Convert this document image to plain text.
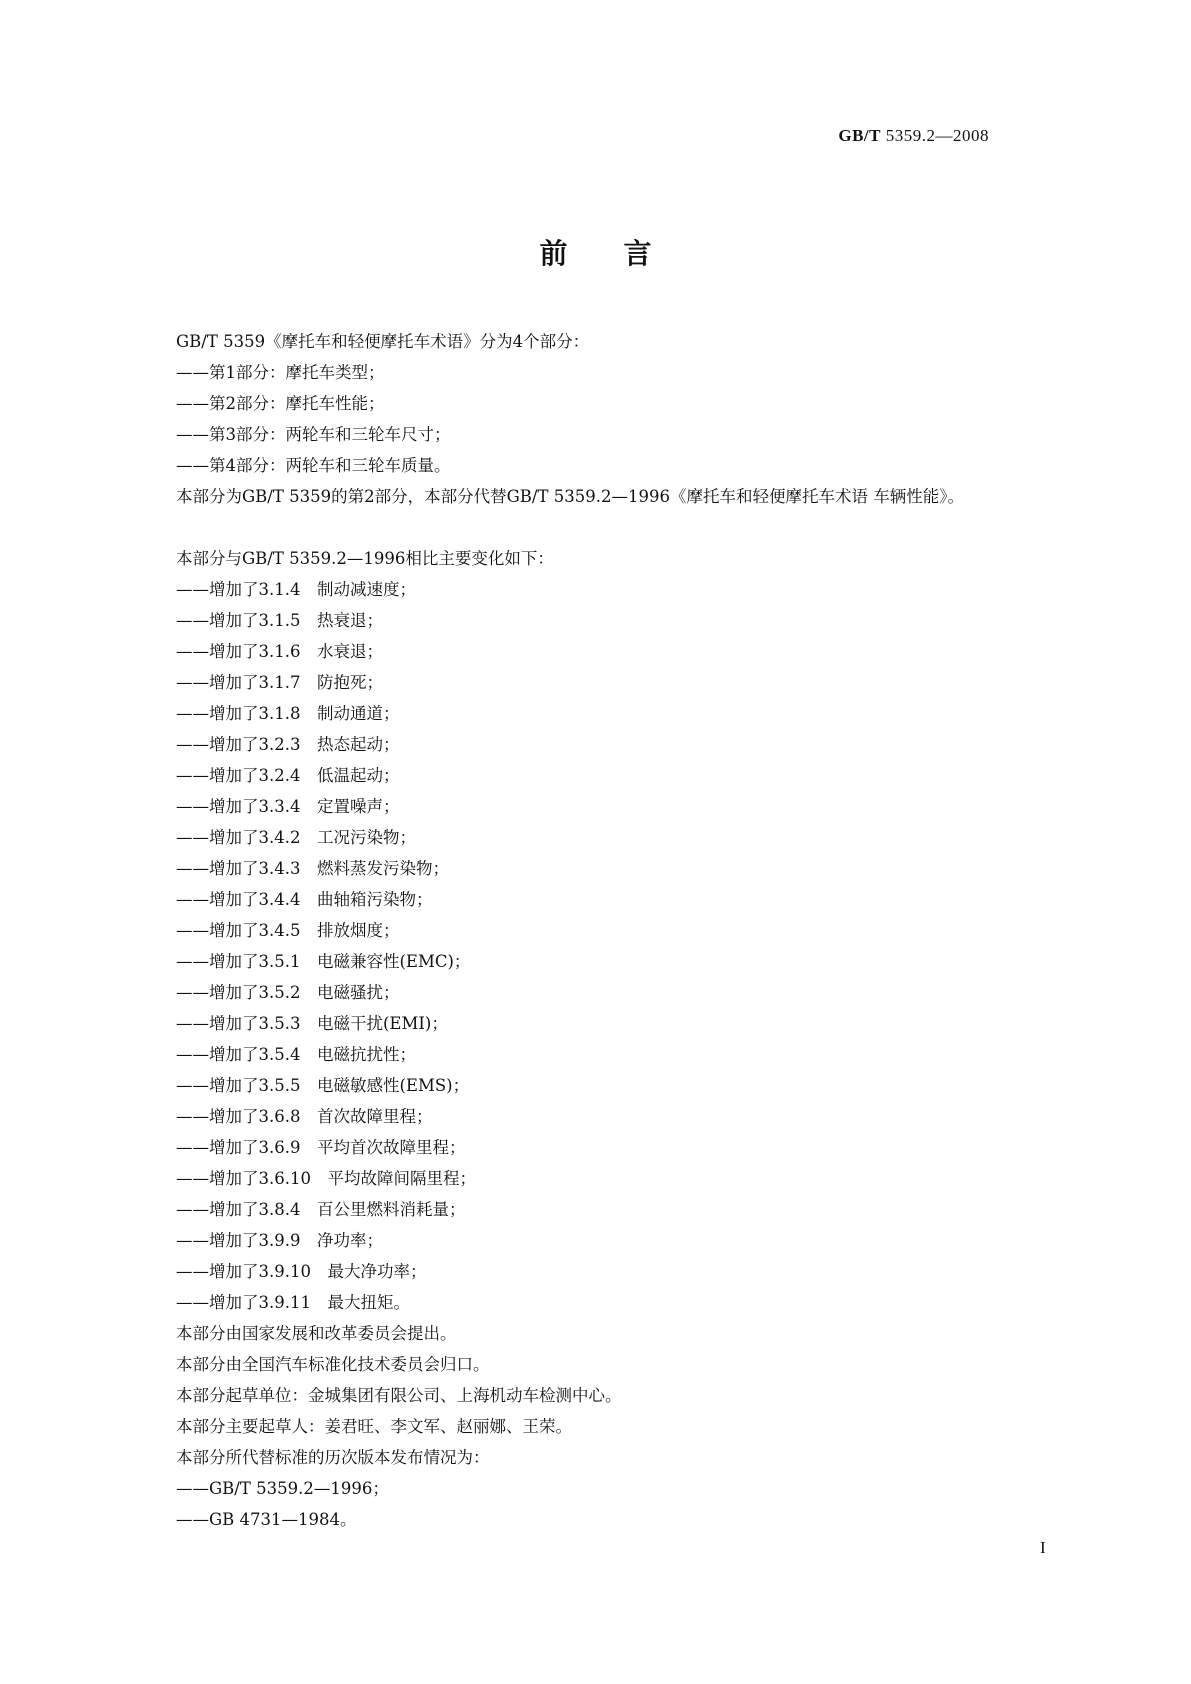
GB/T 5359.2—2008
前言
GB/T 5359《摩托车和轻便摩托车术语》分为4个部分：
——第1部分：摩托车类型；
——第2部分：摩托车性能；
——第3部分：两轮车和三轮车尺寸；
——第4部分：两轮车和三轮车质量。
本部分为GB/T 5359的第2部分，本部分代替GB/T 5359.2—1996《摩托车和轻便摩托车术语 车辆性能》。
本部分与GB/T 5359.2—1996相比主要变化如下：
——增加了3.1.4　制动减速度；
——增加了3.1.5　热衰退；
——增加了3.1.6　水衰退；
——增加了3.1.7　防抱死；
——增加了3.1.8　制动通道；
——增加了3.2.3　热态起动；
——增加了3.2.4　低温起动；
——增加了3.3.4　定置噪声；
——增加了3.4.2　工况污染物；
——增加了3.4.3　燃料蒸发污染物；
——增加了3.4.4　曲轴箱污染物；
——增加了3.4.5　排放烟度；
——增加了3.5.1　电磁兼容性(EMC)；
——增加了3.5.2　电磁骚扰；
——增加了3.5.3　电磁干扰(EMI)；
——增加了3.5.4　电磁抗扰性；
——增加了3.5.5　电磁敏感性(EMS)；
——增加了3.6.8　首次故障里程；
——增加了3.6.9　平均首次故障里程；
——增加了3.6.10　平均故障间隔里程；
——增加了3.8.4　百公里燃料消耗量；
——增加了3.9.9　净功率；
——增加了3.9.10　最大净功率；
——增加了3.9.11　最大扭矩。
本部分由国家发展和改革委员会提出。
本部分由全国汽车标准化技术委员会归口。
本部分起草单位：金城集团有限公司、上海机动车检测中心。
本部分主要起草人：姜君旺、李文军、赵丽娜、王荣。
本部分所代替标准的历次版本发布情况为：
——GB/T 5359.2—1996；
——GB 4731—1984。
I
